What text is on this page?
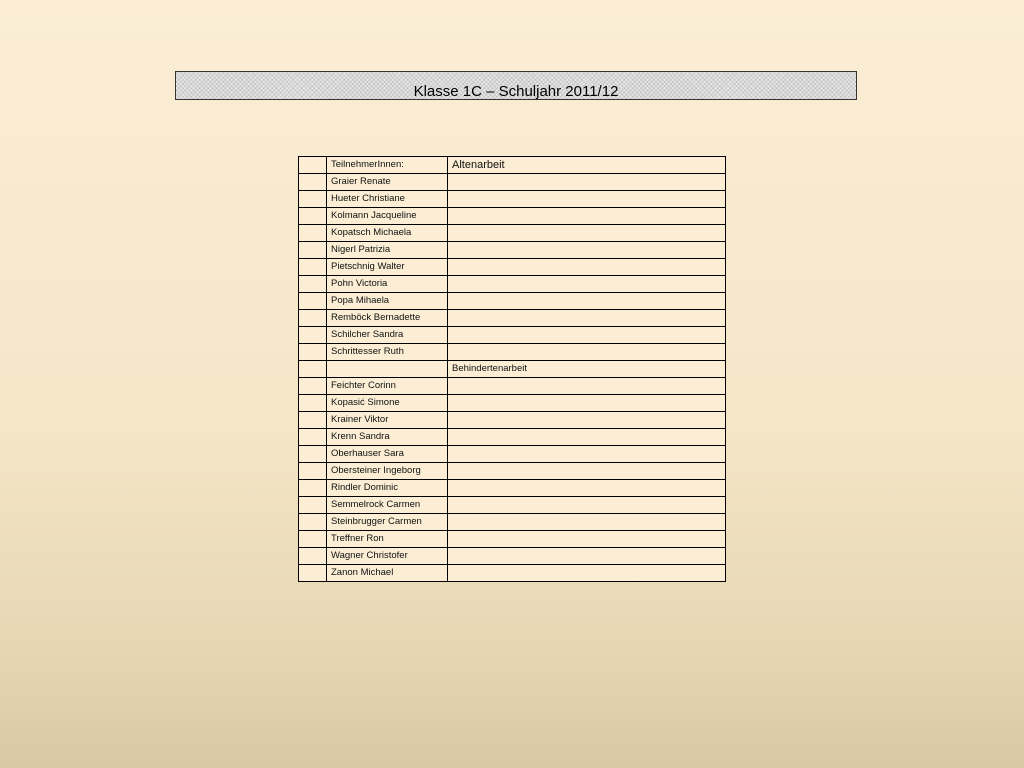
Klasse 1C – Schuljahr 2011/12
	TeilnehmerInnen:	Altenarbeit
	Graier Renate	
	Hueter Christiane	
	Kolmann Jacqueline	
	Kopatsch Michaela	
	Nigerl Patrizia	
	Pietschnig Walter	
	Pohn Victoria	
	Popa Mihaela	
	Remböck Bernadette	
	Schilcher Sandra	
	Schrittesser Ruth	
		Behindertenarbeit
	Feichter Corinn	
	Kopasić Simone	
	Krainer Viktor	
	Krenn Sandra	
	Oberhauser Sara	
	Obersteiner Ingeborg	
	Rindler Dominic	
	Semmelrock Carmen	
	Steinbrugger Carmen	
	Treffner Ron	
	Wagner Christofer	
	Zanon Michael	
